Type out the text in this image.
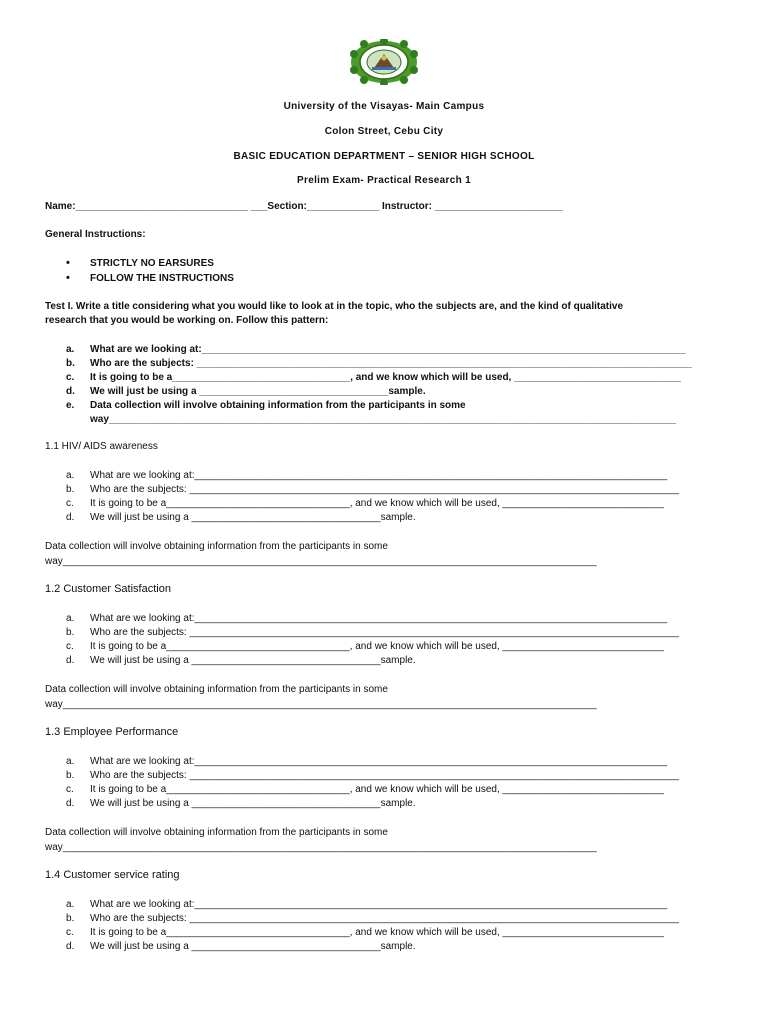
University of the Visayas- Main Campus
Colon Street, Cebu City
BASIC EDUCATION DEPARTMENT – SENIOR HIGH SCHOOL
Prelim Exam- Practical Research 1
Name:_______________________________ ___Section:_____________ Instructor: _______________________
General Instructions:
• STRICTLY NO EARSURES
• FOLLOW THE INSTRUCTIONS
Test I. Write a title considering what you would like to look at in the topic, who the subjects are, and the kind of qualitative
research that you would be working on. Follow this pattern:
a. What are we looking at:_______________________________________________________________________________________
b. Who are the subjects: _________________________________________________________________________________________
c. It is going to be a________________________________, and we know which will be used, ______________________________
d. We will just be using a __________________________________sample.
e. Data collection will involve obtaining information from the participants in some
way______________________________________________________________________________________________________
1.1 HIV/ AIDS awareness
a. What are we looking at:_____________________________________________________________________________________
b. Who are the subjects: ________________________________________________________________________________________
c. It is going to be a_________________________________, and we know which will be used, _____________________________
d. We will just be using a __________________________________sample.
Data collection will involve obtaining information from the participants in some
way________________________________________________________________________________________________
1.2 Customer Satisfaction
a. What are we looking at:_____________________________________________________________________________________
b. Who are the subjects: ________________________________________________________________________________________
c. It is going to be a_________________________________, and we know which will be used, _____________________________
d. We will just be using a __________________________________sample.
Data collection will involve obtaining information from the participants in some
way________________________________________________________________________________________________
1.3 Employee Performance
a. What are we looking at:_____________________________________________________________________________________
b. Who are the subjects: ________________________________________________________________________________________
c. It is going to be a_________________________________, and we know which will be used, _____________________________
d. We will just be using a __________________________________sample.
Data collection will involve obtaining information from the participants in some
way________________________________________________________________________________________________
1.4 Customer service rating
a. What are we looking at:_____________________________________________________________________________________
b. Who are the subjects: ________________________________________________________________________________________
c. It is going to be a_________________________________, and we know which will be used, _____________________________
d. We will just be using a __________________________________sample.
